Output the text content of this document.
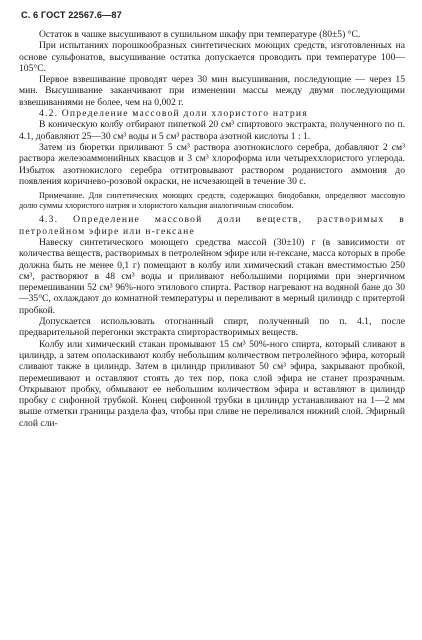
С. 6 ГОСТ 22567.6—87

Остаток в чашке высушивают в сушильном шкафу при температуре (80±5) °С.

При испытаниях порошкообразных синтетических моющих средств, изготовленных на основе сульфонатов, высушивание остатка допускается проводить при температуре 100—105°С.

Первое взвешивание проводят через 30 мин высушивания, последующие — через 15 мин. Высушивание заканчивают при изменении массы между двумя последующими взвешиваниями не более, чем на 0,002 г.

4.2. Определение массовой доли хлористого натрия

В коническую колбу отбирают пипеткой 20 см³ спиртового экстракта, полученного по п. 4.1, добавляют 25—30 см³ воды и 5 см³ раствора азотной кислоты 1 : 1.

Затем из бюретки приливают 5 см³ раствора азотнокислого серебра, добавляют 2 см³ раствора железоаммонийных квасцов и 3 см³ хлороформа или четыреххлористого углерода. Избыток азотнокислого серебра оттитровывают раствором роданистого аммония до появления коричнево-розовой окраски, не исчезающей в течение 30 с.

Примечание. Для синтетических моющих средств, содержащих биодобавки, определяют массовую долю суммы хлористого натрия и хлористого кальция аналогичным способом.

4.3. Определение массовой доли веществ, растворимых в петролейном эфире или н-гексане

Навеску синтетического моющего средства массой (30±10) г (в зависимости от количества веществ, растворимых в петролейном эфире или н-гексане, масса которых в пробе должна быть не менее 0,1 г) помещают в колбу или химический стакан вместимостью 250 см³, растворяют в 48 см³ воды и приливают небольшими порциями при энергичном перемешивании 52 см³ 96%-ного этилового спирта. Раствор нагревают на водяной бане до 30—35°С, охлаждают до комнатной температуры и переливают в мерный цилиндр с притертой пробкой.

Допускается использовать отогнанный спирт, полученный по п. 4.1, после предварительной перегонки экстракта спирторастворимых веществ.

Колбу или химический стакан промывают 15 см³ 50%-ного спирта, который сливают в цилиндр, а затем ополаскивают колбу небольшим количеством петролейного эфира, который сливают также в цилиндр. Затем в цилиндр приливают 50 см³ эфира, закрывают пробкой, перемешивают и оставляют стоять до тех пор, пока слой эфира не станет прозрачным. Открывают пробку, обмывают ее небольшим количеством эфира и вставляют в цилиндр пробку с сифонной трубкой. Конец сифонной трубки в цилиндр устанавливают на 1—2 мм выше отметки границы раздела фаз, чтобы при сливе не переливался нижний слой. Эфирный слой сли-
